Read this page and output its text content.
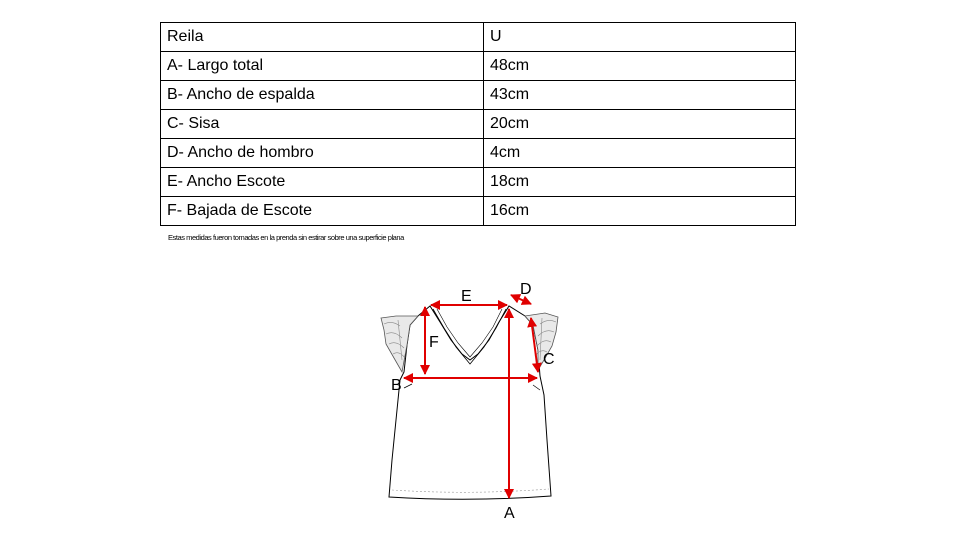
Reila	U
A- Largo total	48cm
B- Ancho de espalda	43cm
C- Sisa	20cm
D- Ancho de hombro	4cm
E- Ancho Escote	18cm
F- Bajada de Escote	16cm
Estas medidas fueron tomadas en la prenda sin estirar sobre una superficie plana
E	D
F
B
C
A
